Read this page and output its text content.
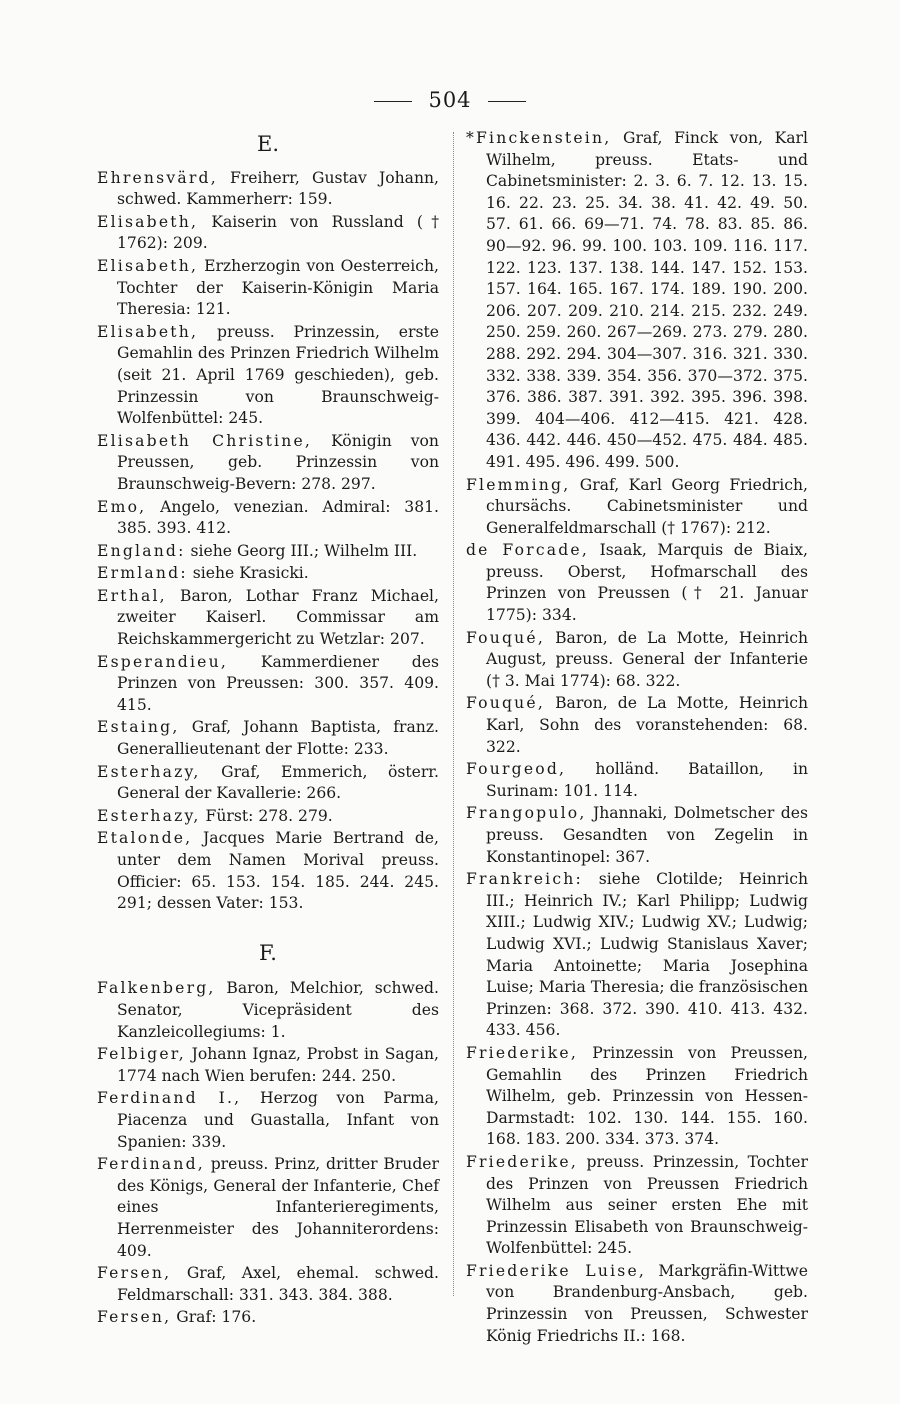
504
E.
Ehrensvärd, Freiherr, Gustav Johann, schwed. Kammerherr: 159.
Elisabeth, Kaiserin von Russland († 1762): 209.
Elisabeth, Erzherzogin von Oesterreich, Tochter der Kaiserin-Königin Maria Theresia: 121.
Elisabeth, preuss. Prinzessin, erste Gemahlin des Prinzen Friedrich Wilhelm (seit 21. April 1769 geschieden), geb. Prinzessin von Braunschweig-Wolfenbüttel: 245.
Elisabeth Christine, Königin von Preussen, geb. Prinzessin von Braunschweig-Bevern: 278. 297.
Emo, Angelo, venezian. Admiral: 381. 385. 393. 412.
England: siehe Georg III.; Wilhelm III.
Ermland: siehe Krasicki.
Erthal, Baron, Lothar Franz Michael, zweiter Kaiserl. Commissar am Reichskammergericht zu Wetzlar: 207.
Esperandieu, Kammerdiener des Prinzen von Preussen: 300. 357. 409. 415.
Estaing, Graf, Johann Baptista, franz. Generallieutenant der Flotte: 233.
Esterhazy, Graf, Emmerich, österr. General der Kavallerie: 266.
Esterhazy, Fürst: 278. 279.
Etalonde, Jacques Marie Bertrand de, unter dem Namen Morival preuss. Officier: 65. 153. 154. 185. 244. 245. 291; dessen Vater: 153.
F.
Falkenberg, Baron, Melchior, schwed. Senator, Vicepräsident des Kanzleicollegiums: 1.
Felbiger, Johann Ignaz, Probst in Sagan, 1774 nach Wien berufen: 244. 250.
Ferdinand I., Herzog von Parma, Piacenza und Guastalla, Infant von Spanien: 339.
Ferdinand, preuss. Prinz, dritter Bruder des Königs, General der Infanterie, Chef eines Infanterieregiments, Herrenmeister des Johanniterordens: 409.
Fersen, Graf, Axel, ehemal. schwed. Feldmarschall: 331. 343. 384. 388.
Fersen, Graf: 176.
*Finckenstein, Graf, Finck von, Karl Wilhelm, preuss. Etats- und Cabinetsminister: 2. 3. 6. 7. 12. 13. 15. 16. 22. 23. 25. 34. 38. 41. 42. 49. 50. 57. 61. 66. 69—71. 74. 78. 83. 85. 86. 90—92. 96. 99. 100. 103. 109. 116. 117. 122. 123. 137. 138. 144. 147. 152. 153. 157. 164. 165. 167. 174. 189. 190. 200. 206. 207. 209. 210. 214. 215. 232. 249. 250. 259. 260. 267—269. 273. 279. 280. 288. 292. 294. 304—307. 316. 321. 330. 332. 338. 339. 354. 356. 370—372. 375. 376. 386. 387. 391. 392. 395. 396. 398. 399. 404—406. 412—415. 421. 428. 436. 442. 446. 450—452. 475. 484. 485. 491. 495. 496. 499. 500.
Flemming, Graf, Karl Georg Friedrich, chursächs. Cabinetsminister und Generalfeldmarschall († 1767): 212.
de Forcade, Isaak, Marquis de Biaix, preuss. Oberst, Hofmarschall des Prinzen von Preussen († 21. Januar 1775): 334.
Fouqué, Baron, de La Motte, Heinrich August, preuss. General der Infanterie († 3. Mai 1774): 68. 322.
Fouqué, Baron, de La Motte, Heinrich Karl, Sohn des voranstehenden: 68. 322.
Fourgeod, holländ. Bataillon, in Surinam: 101. 114.
Frangopulo, Jhannaki, Dolmetscher des preuss. Gesandten von Zegelin in Konstantinopel: 367.
Frankreich: siehe Clotilde; Heinrich III.; Heinrich IV.; Karl Philipp; Ludwig XIII.; Ludwig XIV.; Ludwig XV.; Ludwig; Ludwig XVI.; Ludwig Stanislaus Xaver; Maria Antoinette; Maria Josephina Luise; Maria Theresia; die französischen Prinzen: 368. 372. 390. 410. 413. 432. 433. 456.
Friederike, Prinzessin von Preussen, Gemahlin des Prinzen Friedrich Wilhelm, geb. Prinzessin von Hessen-Darmstadt: 102. 130. 144. 155. 160. 168. 183. 200. 334. 373. 374.
Friederike, preuss. Prinzessin, Tochter des Prinzen von Preussen Friedrich Wilhelm aus seiner ersten Ehe mit Prinzessin Elisabeth von Braunschweig-Wolfenbüttel: 245.
Friederike Luise, Markgräfin-Wittwe von Brandenburg-Ansbach, geb. Prinzessin von Preussen, Schwester König Friedrichs II.: 168.
